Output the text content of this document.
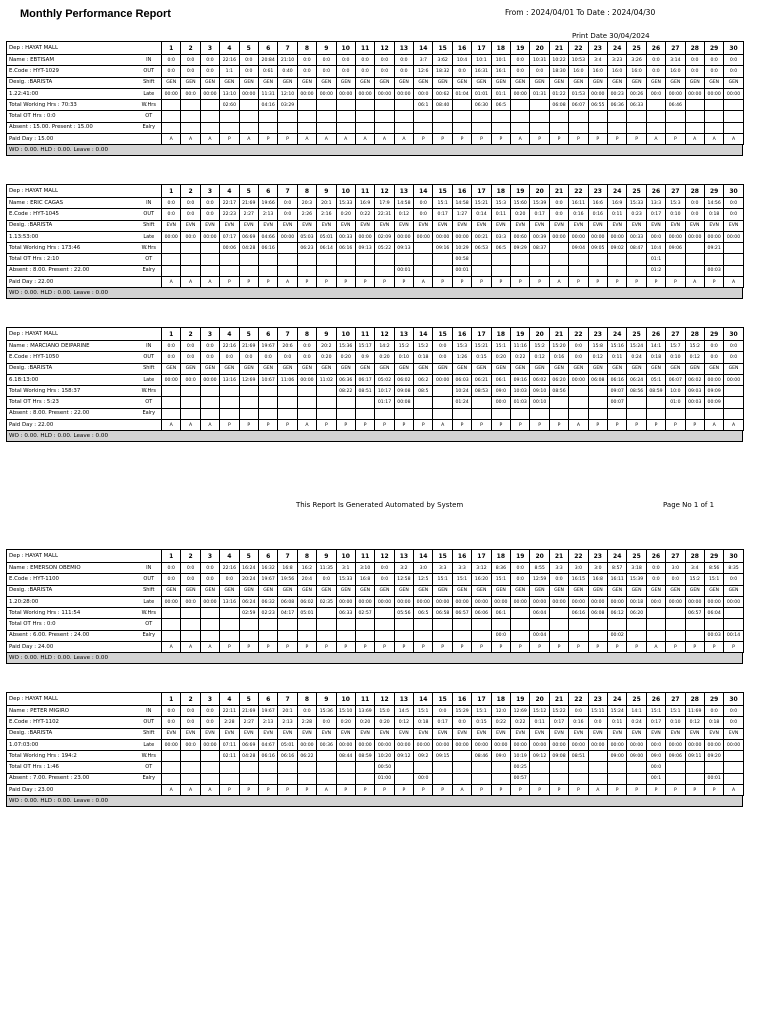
Monthly Performance Report	From : 2024/04/01 To Date : 2024/04/30
Print Date 30/04/2024
Dep : HAYAT MALL		1	2	3	4	5	6	7	8	9	10	11	12	13	14	15	16	17	18	19	20	21	22	23	24	25	26	27	28	29	30
Name : EBTISAM	IN	0:0	0:0	0:0	22:16	0:0	20:84	21:10	0:0	0:0	0:0	0:0	0:0	0:0	3:7	3:62	10:4	10:1	10:1	0:0	10:31	10:22	10:53	3:4	3:23	3:26	0:0	3:14	0:0	0:0	0:0
E.Code : HYT-1029	OUT	0:0	0:0	0:0	1:1	0:0	0:61	0:40	0:0	0:0	0:0	0:0	0:0	0:0	12:6	18:32	0:0	16:31	16:1	0:0	0:0	18:30	16:0	16:0	16:0	16:0	0:0	16:0	0:0	0:0	0:0
Desig. :BARISTA	Shift	GEN	GEN	GEN	GEN	GEN	GEN	GEN	GEN	GEN	GEN	GEN	GEN	GEN	GEN	GEN	GEN	GEN	GEN	GEN	GEN	GEN	GEN	GEN	GEN	GEN	GEN	GEN	GEN	GEN	GEN
1.22:41:00	Late	00:00	00:0	00:00	13:10	00:00	11:31	12:10	00:00	00:00	00:00	00:00	00:00	00:00	00:0	00:62	01:04	01:01	01:1	00:00	01:31	01:22	01:53	00:00	00:23	00:26	00:0	00:00	00:00	00:00	00:00
Total Working Hrs : 70:33	W.Hrs				02:60		04:16	03:29							06:1	08:40		06:30	06:5			06:08	06:07	06:55	06:36	06:33		06:46			
Total OT Hrs : 0:0	OT																														
Absent : 15.00. Present : 15.00	Ealry																														
Paid Day : 15.00		A	A	A	P	A	P	P	A	A	A	A	A	A	P	P	P	P	P	A	P	P	P	P	P	P	A	P	A	A	A
WO : 0.00. HLD : 0.00. Leave : 0.00
Dep : HAYAT MALL		1	2	3	4	5	6	7	8	9	10	11	12	13	14	15	16	17	18	19	20	21	22	23	24	25	26	27	28	29	30
Name : ERIC CAGAS	IN	0:0	0:0	0:0	22:17	21:69	19:66	0:0	20:3	20:1	15:33	16:9	17:9	14:58	0:0	15:1	14:58	15:21	15:3	15:60	15:39	0:0	16:11	16:6	16:9	15:33	13:3	15:3	0:0	14:56	0:0
E.Code : HYT-1045	OUT	0:0	0:0	0:0	22:23	2:27	2:13	0:0	2:26	2:16	0:20	0:22	22:31	0:12	0:0	0:17	1:27	0:14	0:11	0:20	0:17	0:0	0:16	0:16	0:11	0:23	0:17	0:10	0:0	0:18	0:0
Desig. :BARISTA	Shift	EVN	EVN	EVN	EVN	EVN	EVN	EVN	EVN	EVN	EVN	EVN	EVN	EVN	EVN	EVN	EVN	EVN	EVN	EVN	EVN	EVN	EVN	EVN	EVN	EVN	EVN	EVN	EVN	EVN	EVN
1.13:53:00	Late	00:00	00:0	00:00	07:17	06:69	04:66	00:00	05:03	05:01	00:33	00:00	02:09	00:00	00:00	00:00	00:00	00:21	03:3	00:60	00:39	00:00	00:00	00:00	00:00	00:33	00:0	00:00	00:00	00:00	00:00
Total Working Hrs : 173:46	W.Hrs				00:06	04:28	06:16		06:23	06:14	06:16	09:13	05:22	09:13		09:16	10:29	06:53	06:5	09:29	08:37		09:04	09:05	09:02	08:47	10:4	09:06		09:21	
Total OT Hrs : 2:10	OT																00:58										01:1				
Absent : 8.00. Present : 22.00	Ealry													00:01			00:01										01:2			00:03	
Paid Day : 22.00		A	A	A	P	P	P	A	P	P	P	P	P	P	A	P	P	P	P	P	P	A	P	P	P	P	P	P	A	P	A
WO : 0.00. HLD : 0.00. Leave : 0.00
Dep : HAYAT MALL		1	2	3	4	5	6	7	8	9	10	11	12	13	14	15	16	17	18	19	20	21	22	23	24	25	26	27	28	29	30
Name : MARCIANO DEIPARINE	IN	0:0	0:0	0:0	22:16	21:69	19:67	20:6	0:0	20:2	15:36	15:17	14:2	15:2	15:2	0:0	15:3	15:21	15:1	11:16	15:2	15:20	0:0	15:8	15:16	15:24	14:1	15:7	15:2	0:0	0:0
E.Code : HYT-1050	OUT	0:0	0:0	0:0	0:0	0:0	0:0	0:0	0:0	0:20	0:20	0:9	0:20	0:10	0:18	0:0	1:26	0:15	0:20	0:22	0:12	0:16	0:0	0:12	0:11	0:24	0:18	0:10	0:12	0:0	0:0
Desig. :BARISTA	Shift	GEN	GEN	GEN	GEN	GEN	GEN	GEN	GEN	GEN	GEN	GEN	GEN	GEN	GEN	GEN	GEN	GEN	GEN	GEN	GEN	GEN	GEN	GEN	GEN	GEN	GEN	GEN	GEN	GEN	GEN
6.18:13:00	Late	00:00	00:0	00:00	13:16	12:69	10:67	11:06	00:00	11:02	06:36	06:17	05:02	06:02	06:2	00:00	06:03	06:21	06:1	09:16	06:02	06:20	00:00	06:08	06:16	06:24	05:1	06:07	06:02	00:00	00:00
Total Working Hrs : 158:37	W.Hrs										08:22	08:51	10:17	09:08	08:5		10:24	08:53	09:0	10:03	09:10	08:56			09:07	08:56	08:59	10:0	09:03	09:09	
Total OT Hrs : 5:23	OT												01:17	00:08			01:24		00:0	01:03	00:10				00:07			01:0	00:03	00:09	
Absent : 8.00. Present : 22.00	Ealry																														
Paid Day : 22.00		A	A	A	P	P	P	P	A	P	P	P	P	P	P	A	P	P	P	P	P	P	A	P	P	P	P	P	P	A	A
WO : 0.00. HLD : 0.00. Leave : 0.00
This Report Is Generated Automated by System	Page No 1 of 1
Dep : HAYAT MALL		1	2	3	4	5	6	7	8	9	10	11	12	13	14	15	16	17	18	19	20	21	22	23	24	25	26	27	28	29	30
Name : EMERSON OBEMIO	IN	0:0	0:0	0:0	22:16	16:24	16:32	16:8	16:2	11:35	3:1	3:10	0:0	3:2	3:0	3:3	3:3	3:12	8:36	0:0	8:55	3:3	3:0	3:0	8:57	3:18	0:0	3:0	3:4	8:56	8:35
E.Code : HYT-1100	OUT	0:0	0:0	0:0	0:0	20:24	19:67	19:56	20:4	0:0	15:33	16:8	0:0	12:58	12:5	15:1	15:1	16:20	15:1	0:0	12:59	0:0	16:15	16:8	16:11	15:39	0:0	0:0	15:2	15:1	0:0
Desig. :BARISTA	Shift	GEN	GEN	GEN	GEN	GEN	GEN	GEN	GEN	GEN	GEN	GEN	GEN	GEN	GEN	GEN	GEN	GEN	GEN	GEN	GEN	GEN	GEN	GEN	GEN	GEN	GEN	GEN	GEN	GEN	GEN
1.20:28:00	Late	00:00	00:0	00:00	13:16	06:24	06:32	06:08	06:02	02:35	00:00	00:00	00:00	00:00	00:00	00:00	00:00	00:00	00:00	00:00	00:00	00:00	00:00	00:00	00:00	00:18	00:0	00:00	00:00	00:00	00:00
Total Working Hrs : 111:54	W.Hrs					02:59	02:23	04:17	05:01		06:33	02:57		05:56	06:5	06:58	06:57	06:06	06:1		06:04		06:16	06:08	06:12	06:20			06:57	06:04	
Total OT Hrs : 0:0	OT																														
Absent : 6.00. Present : 24.00	Ealry																		00:0		00:04				00:02					00:03	00:14
Paid Day : 24.00		A	A	A	P	P	P	P	P	P	P	P	P	P	P	P	P	P	P	P	P	P	P	P	P	P	A	P	P	P	P
WO : 0.00. HLD : 0.00. Leave : 0.00
Dep : HAYAT MALL		1	2	3	4	5	6	7	8	9	10	11	12	13	14	15	16	17	18	19	20	21	22	23	24	25	26	27	28	29	30
Name : PETER MIGIRO	IN	0:0	0:0	0:0	22:11	21:69	19:67	20:1	0:0	15:36	15:10	13:69	15:0	14:5	15:1	0:0	15:29	15:1	12:0	12:69	15:12	15:22	0:0	15:11	15:24	14:1	15:1	15:1	11:69	0:0	0:0
E.Code : HYT-1102	OUT	0:0	0:0	0:0	2:28	2:27	2:13	2:13	2:28	0:0	0:20	0:20	0:20	0:12	0:18	0:17	0:0	0:15	0:22	0:22	0:11	0:17	0:16	0:0	0:11	0:24	0:17	0:10	0:12	0:18	0:0
Desig. :BARISTA	Shift	EVN	EVN	EVN	EVN	EVN	EVN	EVN	EVN	EVN	EVN	EVN	EVN	EVN	EVN	EVN	EVN	EVN	EVN	EVN	EVN	EVN	EVN	EVN	EVN	EVN	EVN	EVN	EVN	EVN	EVN
1.07:03:00	Late	00:00	00:0	00:00	07:11	06:69	04:67	05:01	00:00	00:36	00:00	00:00	00:00	00:00	00:00	00:00	00:00	00:00	00:00	00:00	00:00	00:00	00:00	00:00	00:00	00:00	00:0	00:00	00:00	00:00	00:00
Total Working Hrs : 194:2	W.Hrs				02:11	04:28	06:16	06:16	06:22		08:44	08:59	10:20	09:12	09:2	09:15		08:46	09:0	10:19	09:12	09:08	08:51		09:00	09:00	09:0	09:06	09:11	09:20	
Total OT Hrs : 1:46	OT												00:50							00:25							00:0				
Absent : 7.00. Present : 23.00	Ealry												01:00		00:0					00:57							00:1			00:01	
Paid Day : 23.00		A	A	A	P	P	P	P	P	A	P	P	P	P	P	P	A	P	P	P	P	P	P	A	P	P	P	P	P	P	A
WO : 0.00. HLD : 0.00. Leave : 0.00
